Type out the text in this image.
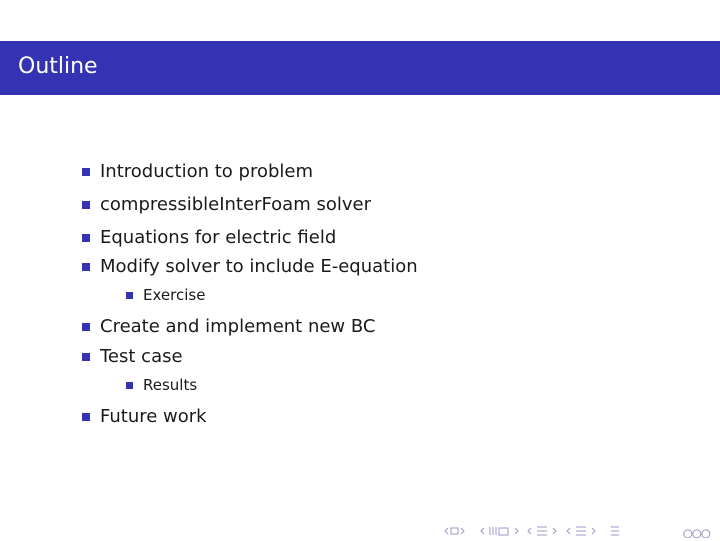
Outline
Introduction to problem
compressibleInterFoam solver
Equations for electric field
Modify solver to include E-equation
Exercise
Create and implement new BC
Test case
Results
Future work
